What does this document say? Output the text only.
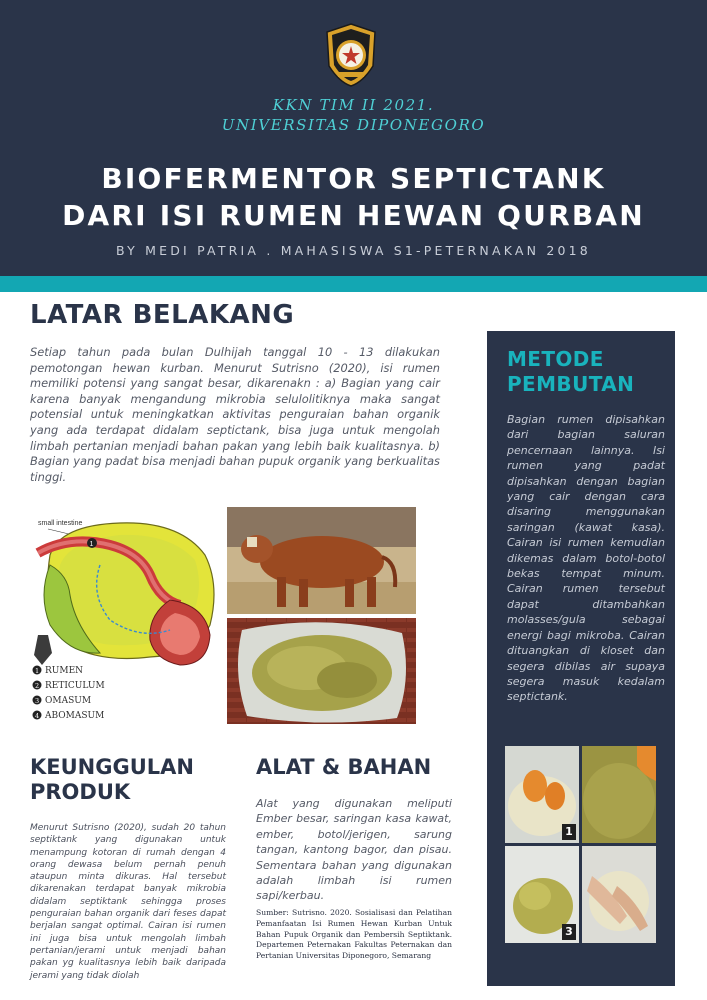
KKN TIM II 2021.
UNIVERSITAS DIPONEGORO
BIOFERMENTOR SEPTICTANK
DARI ISI RUMEN HEWAN QURBAN
BY MEDI PATRIA . MAHASISWA S1-PETERNAKAN 2018
LATAR BELAKANG
Setiap tahun pada bulan Dulhijah tanggal 10 - 13 dilakukan pemotongan hewan kurban. Menurut Sutrisno (2020), isi rumen memiliki potensi yang sangat besar, dikarenakn : a) Bagian yang cair karena banyak mengandung mikrobia selulolitiknya maka sangat potensial untuk meningkatkan aktivitas penguraian bahan organik yang ada terdapat didalam septictank, bisa juga untuk mengolah limbah pertanian menjadi bahan pakan yang lebih baik kualitasnya. b) Bagian yang padat bisa menjadi bahan pupuk organik yang berkualitas tinggi.
small intestine
1
1 RUMEN
2 RETICULUM
3 OMASUM
4 ABOMASUM
KEUNGGULAN PRODUK
Menurut Sutrisno (2020), sudah 20 tahun septiktank yang digunakan untuk menampung kotoran di rumah dengan 4 orang dewasa belum pernah penuh ataupun minta dikuras. Hal tersebut dikarenakan terdapat banyak mikrobia didalam septiktank sehingga proses penguraian bahan organik dari feses dapat berjalan sangat optimal. Cairan isi rumen ini juga bisa untuk mengolah limbah pertanian/jerami untuk menjadi bahan pakan yg kualitasnya lebih baik daripada jerami yang tidak diolah
ALAT & BAHAN
Alat yang digunakan meliputi Ember besar, saringan kasa kawat, ember, botol/jerigen, sarung tangan, kantong bagor, dan pisau. Sementara bahan yang digunakan adalah limbah isi rumen sapi/kerbau.
Sumber: Sutrisno. 2020. Sosialisasi dan Pelatihan Pemanfaatan Isi Rumen Hewan Kurban Untuk Bahan Pupuk Organik dan Pembersih Septiktank. Departemen Peternakan Fakultas Peternakan dan Pertanian Universitas Diponegoro, Semarang
METODE PEMBUTAN
Bagian rumen dipisahkan dari bagian saluran pencernaan lainnya. Isi rumen yang padat dipisahkan dengan bagian yang cair dengan cara disaring menggunakan saringan (kawat kasa). Cairan isi rumen kemudian dikemas dalam botol-botol bekas tempat minum. Cairan rumen tersebut dapat ditambahkan molasses/gula sebagai energi bagi mikroba. Cairan dituangkan di kloset dan segera dibilas air supaya segera masuk kedalam septictank.
1
3
